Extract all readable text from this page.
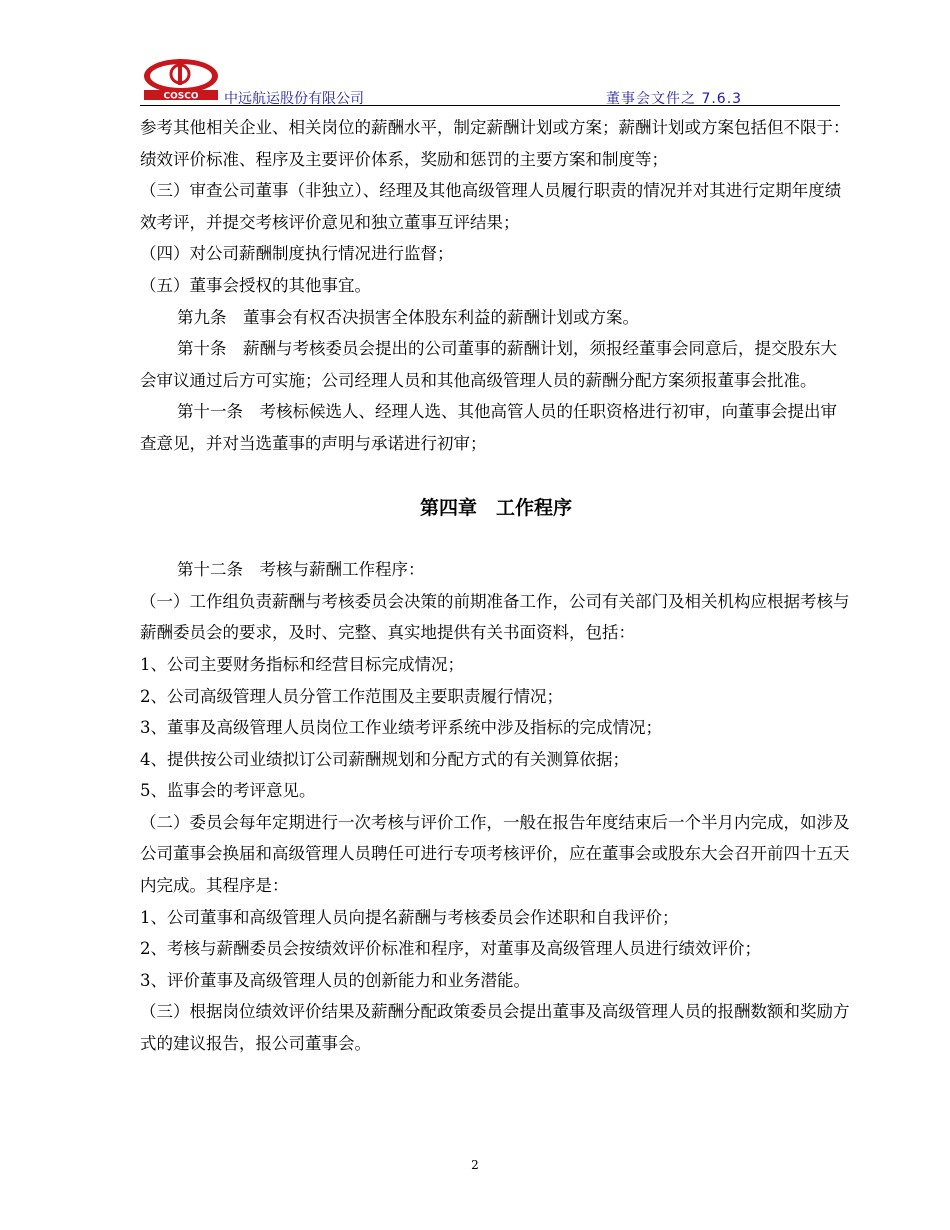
COSCO 中远航运股份有限公司	董事会文件之 7.6.3

参考其他相关企业、相关岗位的薪酬水平，制定薪酬计划或方案；薪酬计划或方案包括但不限于：绩效评价标准、程序及主要评价体系，奖励和惩罚的主要方案和制度等；

（三）审查公司董事（非独立）、经理及其他高级管理人员履行职责的情况并对其进行定期年度绩效考评，并提交考核评价意见和独立董事互评结果；

（四）对公司薪酬制度执行情况进行监督；

（五）董事会授权的其他事宜。

第九条　董事会有权否决损害全体股东利益的薪酬计划或方案。

第十条　薪酬与考核委员会提出的公司董事的薪酬计划，须报经董事会同意后，提交股东大会审议通过后方可实施；公司经理人员和其他高级管理人员的薪酬分配方案须报董事会批准。

第十一条　考核标候选人、经理人选、其他高管人员的任职资格进行初审，向董事会提出审查意见，并对当选董事的声明与承诺进行初审；

第四章　工作程序

第十二条　考核与薪酬工作程序：

（一）工作组负责薪酬与考核委员会决策的前期准备工作，公司有关部门及相关机构应根据考核与薪酬委员会的要求，及时、完整、真实地提供有关书面资料，包括：

1、公司主要财务指标和经营目标完成情况；

2、公司高级管理人员分管工作范围及主要职责履行情况；

3、董事及高级管理人员岗位工作业绩考评系统中涉及指标的完成情况；

4、提供按公司业绩拟订公司薪酬规划和分配方式的有关测算依据；

5、监事会的考评意见。

（二）委员会每年定期进行一次考核与评价工作，一般在报告年度结束后一个半月内完成，如涉及公司董事会换届和高级管理人员聘任可进行专项考核评价，应在董事会或股东大会召开前四十五天内完成。其程序是：

1、公司董事和高级管理人员向提名薪酬与考核委员会作述职和自我评价；

2、考核与薪酬委员会按绩效评价标准和程序，对董事及高级管理人员进行绩效评价；

3、评价董事及高级管理人员的创新能力和业务潜能。

（三）根据岗位绩效评价结果及薪酬分配政策委员会提出董事及高级管理人员的报酬数额和奖励方式的建议报告，报公司董事会。

2
